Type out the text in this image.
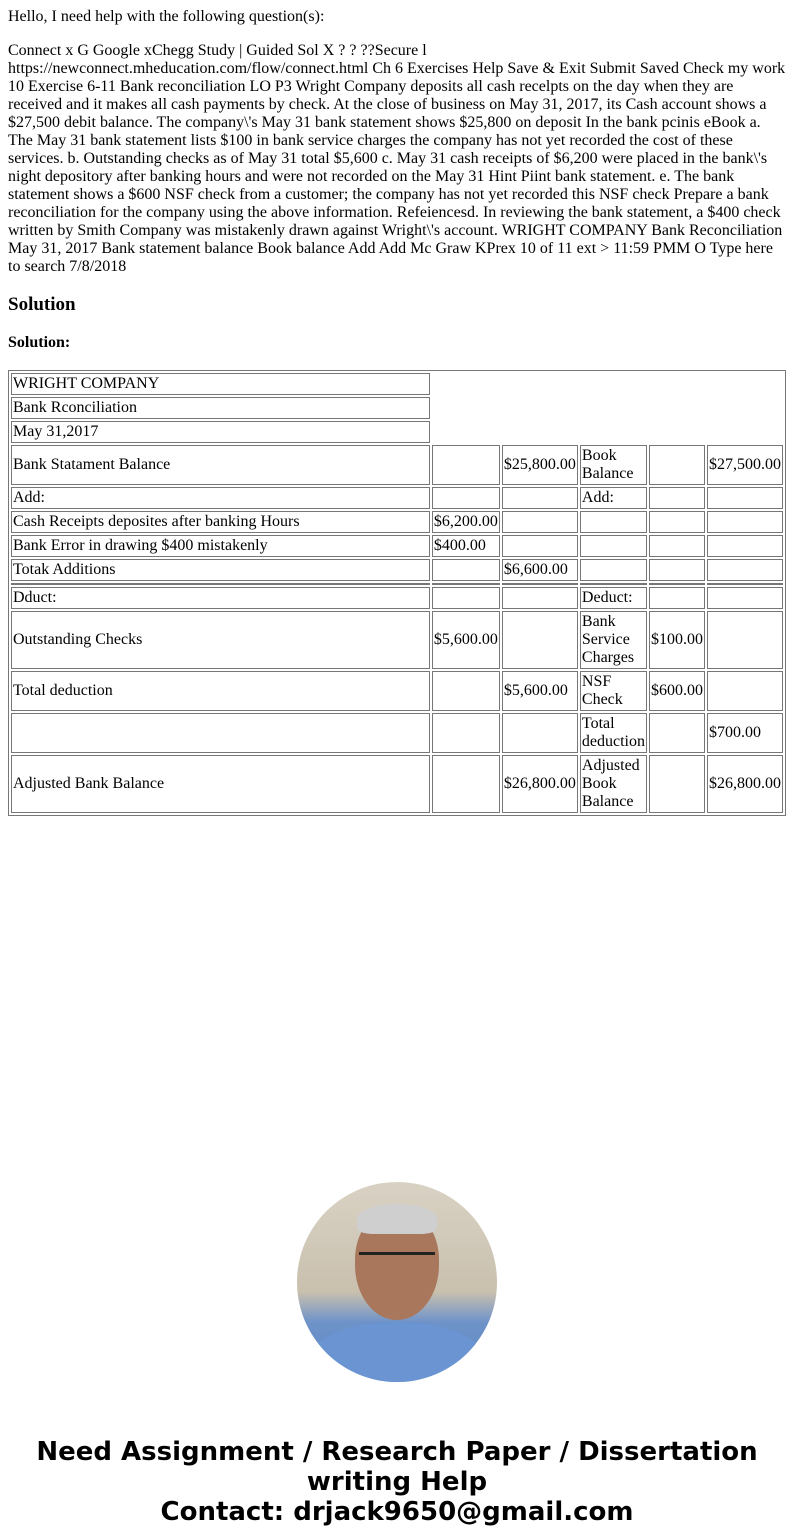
Hello, I need help with the following question(s):

Connect x G Google xChegg Study | Guided Sol X ? ? ??Secure l https://newconnect.mheducation.com/flow/connect.html Ch 6 Exercises Help Save & Exit Submit Saved Check my work 10 Exercise 6-11 Bank reconciliation LO P3 Wright Company deposits all cash recelpts on the day when they are received and it makes all cash payments by check. At the close of business on May 31, 2017, its Cash account shows a $27,500 debit balance. The company\'s May 31 bank statement shows $25,800 on deposit In the bank pcinis eBook a. The May 31 bank statement lists $100 in bank service charges the company has not yet recorded the cost of these services. b. Outstanding checks as of May 31 total $5,600 c. May 31 cash receipts of $6,200 were placed in the bank\'s night depository after banking hours and were not recorded on the May 31 Hint Piint bank statement. e. The bank statement shows a $600 NSF check from a customer; the company has not yet recorded this NSF check Prepare a bank reconciliation for the company using the above information. Refeiencesd. In reviewing the bank statement, a $400 check written by Smith Company was mistakenly drawn against Wright\'s account. WRIGHT COMPANY Bank Reconciliation May 31, 2017 Bank statement balance Book balance Add Add Mc Graw KPrex 10 of 11 ext > 11:59 PMM O Type here to search 7/8/2018

Solution
Solution:
WRIGHT COMPANY					
Bank Rconciliation					
May 31,2017					
Bank Statament Balance		$25,800.00	Book Balance		$27,500.00
Add:			Add:		
Cash Receipts deposites after banking Hours	$6,200.00				
Bank Error in drawing $400 mistakenly	$400.00				
Totak Additions		$6,600.00			

Dduct:			Deduct:		
Outstanding Checks	$5,600.00		Bank Service Charges	$100.00	
Total deduction		$5,600.00	NSF Check	$600.00	
			Total deduction		$700.00
Adjusted Bank Balance		$26,800.00	Adjusted Book Balance		$26,800.00
Need Assignment / Research Paper / Dissertation writing Help
Contact: drjack9650@gmail.com
